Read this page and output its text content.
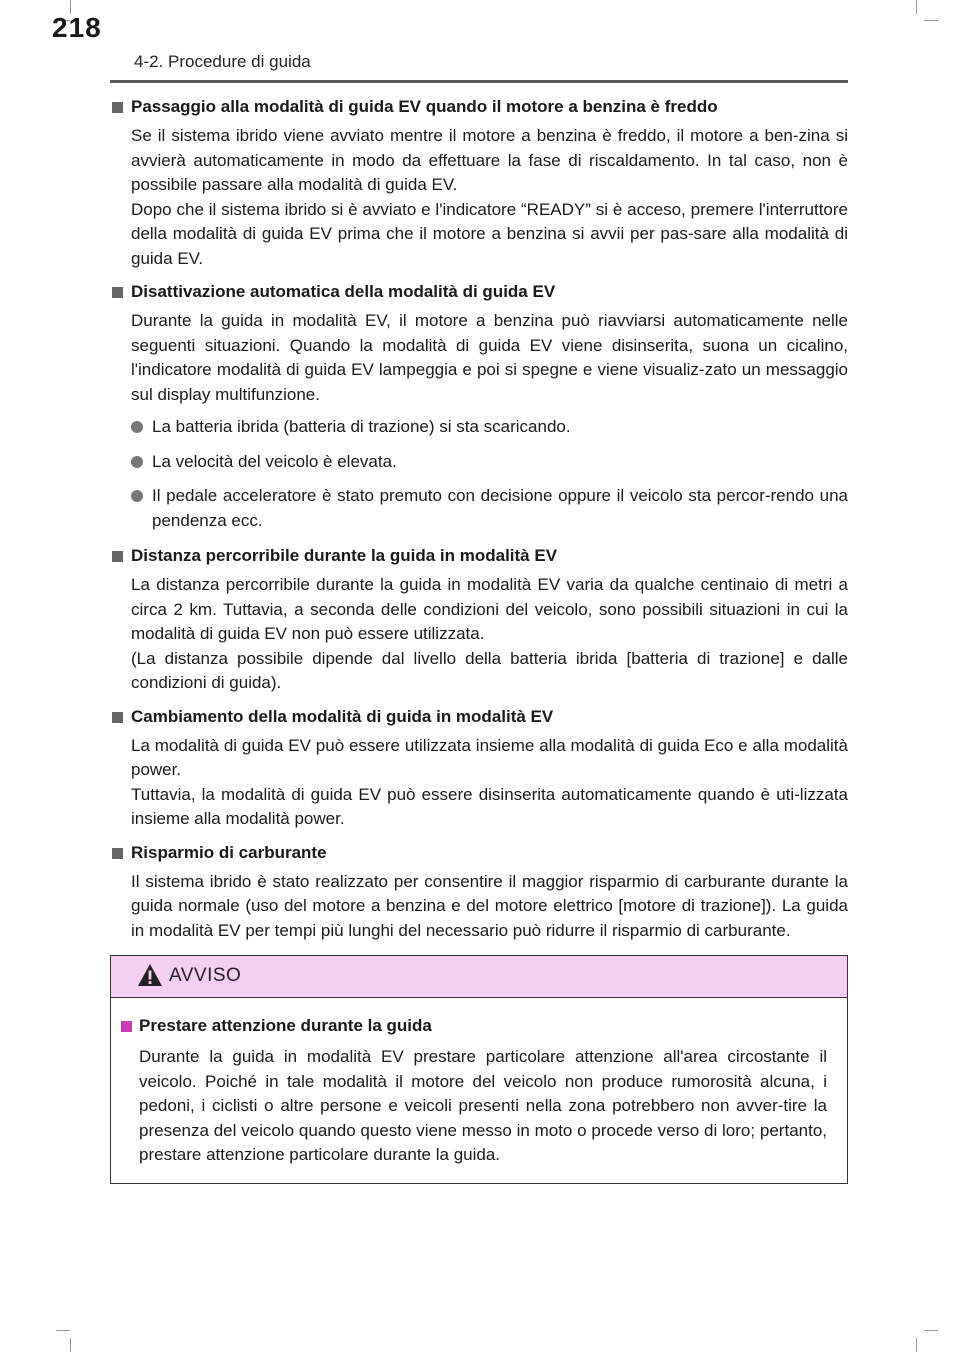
218
4-2. Procedure di guida
Passaggio alla modalità di guida EV quando il motore a benzina è freddo
Se il sistema ibrido viene avviato mentre il motore a benzina è freddo, il motore a ben-zina si avvierà automaticamente in modo da effettuare la fase di riscaldamento. In tal caso, non è possibile passare alla modalità di guida EV.
Dopo che il sistema ibrido si è avviato e l'indicatore “READY” si è acceso, premere l'interruttore della modalità di guida EV prima che il motore a benzina si avvii per pas-sare alla modalità di guida EV.
Disattivazione automatica della modalità di guida EV
Durante la guida in modalità EV, il motore a benzina può riavviarsi automaticamente nelle seguenti situazioni. Quando la modalità di guida EV viene disinserita, suona un cicalino, l'indicatore modalità di guida EV lampeggia e poi si spegne e viene visualiz-zato un messaggio sul display multifunzione.
La batteria ibrida (batteria di trazione) si sta scaricando.
La velocità del veicolo è elevata.
Il pedale acceleratore è stato premuto con decisione oppure il veicolo sta percor-rendo una pendenza ecc.
Distanza percorribile durante la guida in modalità EV
La distanza percorribile durante la guida in modalità EV varia da qualche centinaio di metri a circa 2 km. Tuttavia, a seconda delle condizioni del veicolo, sono possibili situazioni in cui la modalità di guida EV non può essere utilizzata.
(La distanza possibile dipende dal livello della batteria ibrida [batteria di trazione] e dalle condizioni di guida).
Cambiamento della modalità di guida in modalità EV
La modalità di guida EV può essere utilizzata insieme alla modalità di guida Eco e alla modalità power.
Tuttavia, la modalità di guida EV può essere disinserita automaticamente quando è uti-lizzata insieme alla modalità power.
Risparmio di carburante
Il sistema ibrido è stato realizzato per consentire il maggior risparmio di carburante durante la guida normale (uso del motore a benzina e del motore elettrico [motore di trazione]). La guida in modalità EV per tempi più lunghi del necessario può ridurre il risparmio di carburante.
AVVISO
Prestare attenzione durante la guida
Durante la guida in modalità EV prestare particolare attenzione all'area circostante il veicolo. Poiché in tale modalità il motore del veicolo non produce rumorosità alcuna, i pedoni, i ciclisti o altre persone e veicoli presenti nella zona potrebbero non avver-tire la presenza del veicolo quando questo viene messo in moto o procede verso di loro; pertanto, prestare attenzione particolare durante la guida.
